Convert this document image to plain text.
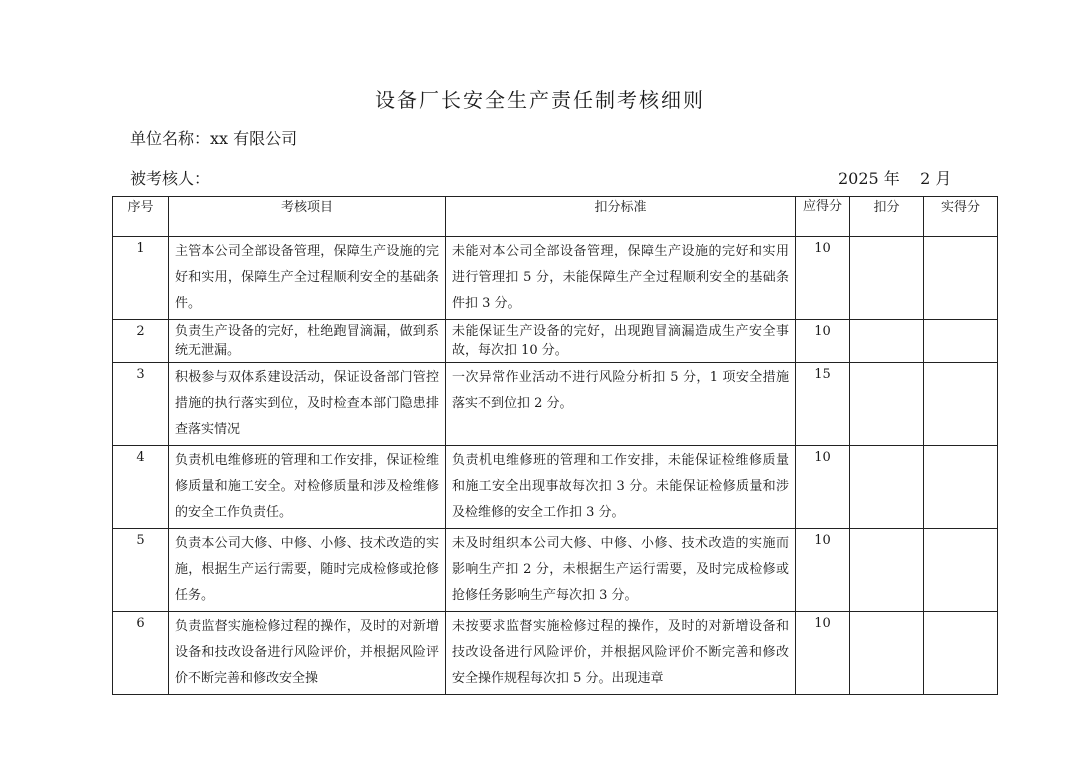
设备厂长安全生产责任制考核细则
单位名称：xx 有限公司
被考核人：	2025 年    2 月
序号	考核项目	扣分标准	应得分	扣分	实得分
1	主管本公司全部设备管理，保障生产设施的完好和实用，保障生产全过程顺利安全的基础条件。	未能对本公司全部设备管理，保障生产设施的完好和实用进行管理扣 5 分，未能保障生产全过程顺利安全的基础条件扣 3 分。	10		
2	负责生产设备的完好，杜绝跑冒滴漏，做到系统无泄漏。	未能保证生产设备的完好，出现跑冒滴漏造成生产安全事故，每次扣 10 分。	10		
3	积极参与双体系建设活动，保证设备部门管控措施的执行落实到位，及时检查本部门隐患排查落实情况	一次异常作业活动不进行风险分析扣 5 分，1 项安全措施落实不到位扣 2 分。	15		
4	负责机电维修班的管理和工作安排，保证检维修质量和施工安全。对检修质量和涉及检维修的安全工作负责任。	负责机电维修班的管理和工作安排，未能保证检维修质量和施工安全出现事故每次扣 3 分。未能保证检修质量和涉及检维修的安全工作扣 3 分。	10		
5	负责本公司大修、中修、小修、技术改造的实施，根据生产运行需要，随时完成检修或抢修任务。	未及时组织本公司大修、中修、小修、技术改造的实施而影响生产扣 2 分，未根据生产运行需要，及时完成检修或抢修任务影响生产每次扣 3 分。	10		
6	负责监督实施检修过程的操作，及时的对新增设备和技改设备进行风险评价，并根据风险评价不断完善和修改安全操	未按要求监督实施检修过程的操作，及时的对新增设备和技改设备进行风险评价，并根据风险评价不断完善和修改安全操作规程每次扣 5 分。出现违章	10		
